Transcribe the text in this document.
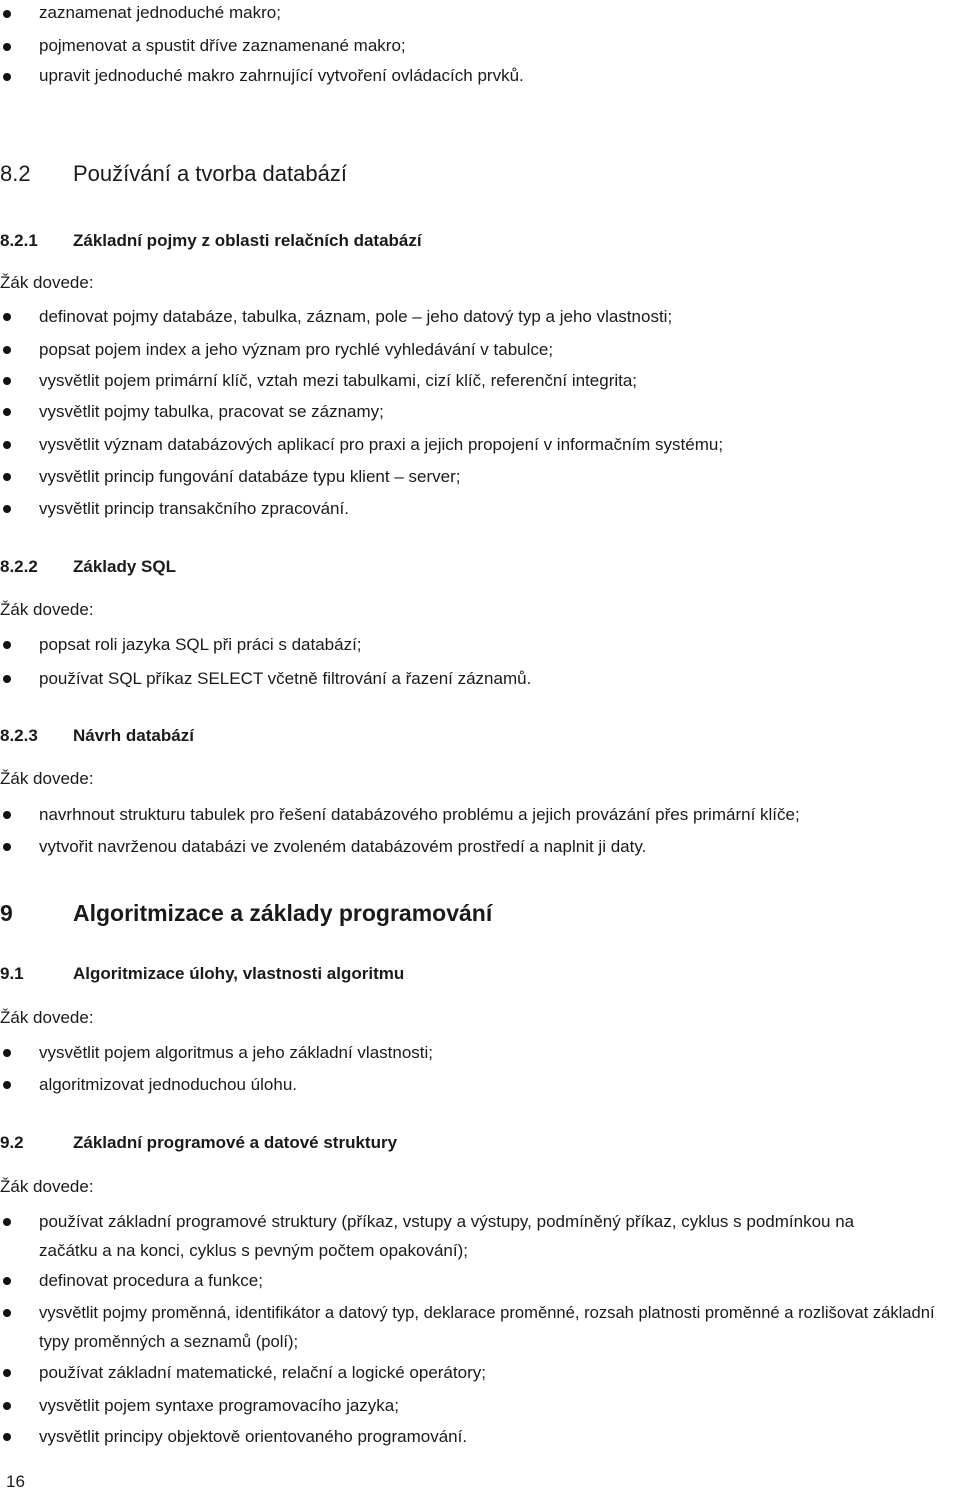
zaznamenat jednoduché makro;
pojmenovat a spustit dříve zaznamenané makro;
upravit jednoduché makro zahrnující vytvoření ovládacích prvků.
8.2 Používání a tvorba databází
8.2.1 Základní pojmy z oblasti relačních databází
Žák dovede:
definovat pojmy databáze, tabulka, záznam, pole – jeho datový typ a jeho vlastnosti;
popsat pojem index a jeho význam pro rychlé vyhledávání v tabulce;
vysvětlit pojem primární klíč, vztah mezi tabulkami, cizí klíč, referenční integrita;
vysvětlit pojmy tabulka, pracovat se záznamy;
vysvětlit význam databázových aplikací pro praxi a jejich propojení v informačním systému;
vysvětlit princip fungování databáze typu klient – server;
vysvětlit princip transakčního zpracování.
8.2.2 Základy SQL
Žák dovede:
popsat roli jazyka SQL při práci s databází;
používat SQL příkaz SELECT včetně filtrování a řazení záznamů.
8.2.3 Návrh databází
Žák dovede:
navrhnout strukturu tabulek pro řešení databázového problému a jejich provázání přes primární klíče;
vytvořit navrženou databázi ve zvoleném databázovém prostředí a naplnit ji daty.
9	Algoritmizace a základy programování
9.1	Algoritmizace úlohy, vlastnosti algoritmu
Žák dovede:
vysvětlit pojem algoritmus a jeho základní vlastnosti;
algoritmizovat jednoduchou úlohu.
9.2	Základní programové a datové struktury
Žák dovede:
používat základní programové struktury (příkaz, vstupy a výstupy, podmíněný příkaz, cyklus s podmínkou na začátku a na konci, cyklus s pevným počtem opakování);
definovat procedura a funkce;
vysvětlit pojmy proměnná, identifikátor a datový typ, deklarace proměnné, rozsah platnosti proměnné a rozlišovat základní typy proměnných a seznamů (polí);
používat základní matematické, relační a logické operátory;
vysvětlit pojem syntaxe programovacího jazyka;
vysvětlit principy objektově orientovaného programování.
16
